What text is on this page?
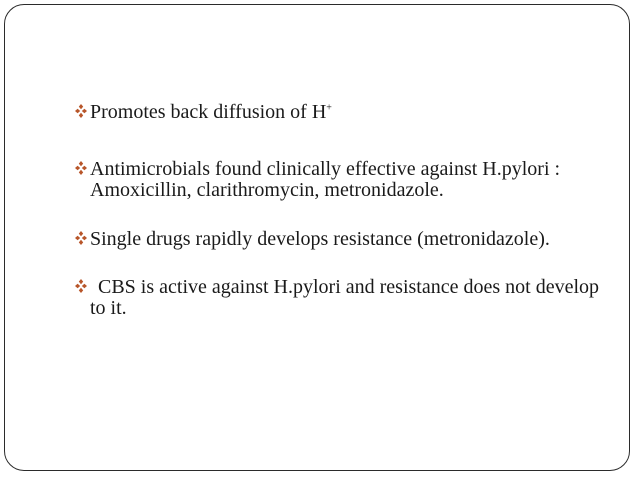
Promotes back diffusion of H+
Antimicrobials found clinically effective against H.pylori : Amoxicillin, clarithromycin, metronidazole.
Single drugs rapidly develops resistance (metronidazole).
CBS is active against H.pylori and resistance does not develop to it.
